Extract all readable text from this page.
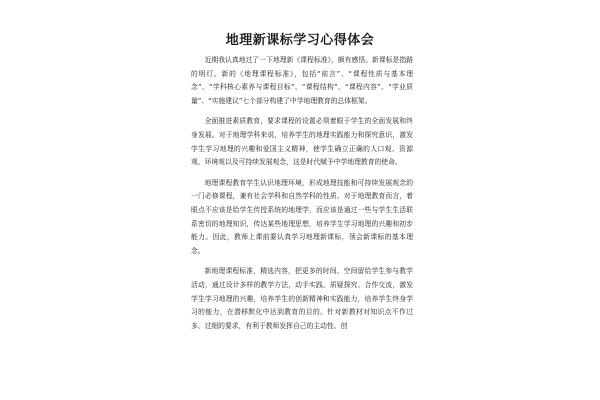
地理新课标学习心得体会

近期我认真地过了一下地理新《课程标准》，颇有感悟。新课标是指路的明灯。新的《地理课程标准》，包括“前言”、“课程性质与基本理念”、“学科核心素养与课程目标”、“课程结构”、“课程内容”、“学业质量”、“实施建议”七个部分构建了中学地理教育的总体框架。

全面推进素质教育，要求课程的设置必须着眼于学生的全面发展和终身发展。对于地理学科来说，培养学生的地理实践能力和探究意识，激发学生学习地理的兴趣和爱国主义精神，使学生确立正确的人口观、资源观、环境观以及可持续发展观念，这是时代赋予中学地理教育的使命。

地理课程教育学生认识地理环境，形成地理技能和可持续发展观念的一门必修课程，兼有社会学科和自然学科的性质。对于地理教育而言，着眼点不应该是给学生传授系统的地理学，而应该是通过一些与学生生活联系密切的地理知识，传达某些地理思想，培养学生学习地理的兴趣和初步能力。因此，教师上课前要认真学习地理新课标，领会新课标的基本理念。

新地理课程标准，精选内容，把更多的时间、空间留给学生参与教学活动，通过设计多样的教学方法，动手实践、质疑探究、合作交流，激发学生学习地理的兴趣，培养学生的创新精神和实践能力，培养学生终身学习的能力，在潜移默化中达到教育的目的。针对新教材对知识点不作过多、过细的要求，有利于教师发挥自己的主动性、创
